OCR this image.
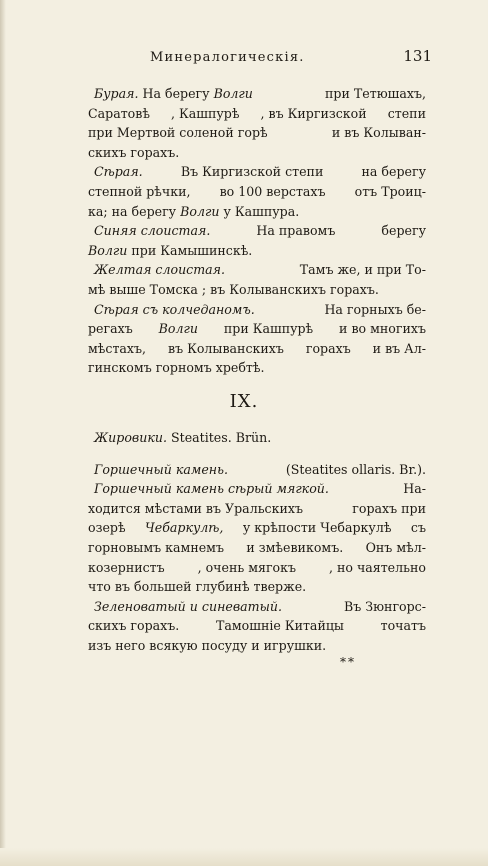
Минералогическія.	131
Бурая. На берегу Волги	при Тетюшахъ,
Саратовѣ , Кашпурѣ , въ Киргизской степи
при Мертвой соленой горѣ	и въ Колыван-
скихъ горахъ.
Сѣрая.	Въ Киргизской степи	на берегу
степной рѣчки, во 100 верстахъ отъ Троиц-
ка; на берегу
Волги
у Кашпура.
Синяя слоистая.	На правомъ	берегу
Волги
при Камышинскѣ.
Желтая слоистая.	Тамъ же, и при То-
мѣ выше Томска ; въ Колыванскихъ горахъ.
Сѣрая съ колчеданомъ.	На горныхъ бе-
регахъ Волги при Кашпурѣ и во многихъ
мѣстахъ, въ Колыванскихъ горахъ и въ Ал-
гинскомъ горномъ хребтѣ.
IX.
Жировики.
Steatites. Brün.
Горшечный камень.	(Steatites ollaris. Br.).
Горшечный камень сѣрый мягкой.	На-
ходится мѣстами въ Уральскихъ	горахъ при
озерѣ Чебаркулѣ, у крѣпости Чебаркулѣ съ
горновымъ камнемъ и змѣевикомъ. Онъ мѣл-
козернистъ	, очень мягокъ	, но чаятельно
что въ большей глубинѣ тверже.
Зеленоватый и синеватый.	Въ Зюнгорс-
скихъ горахъ.	Тамошніе Китайцы	точатъ
изъ него всякую посуду и игрушки.
**
